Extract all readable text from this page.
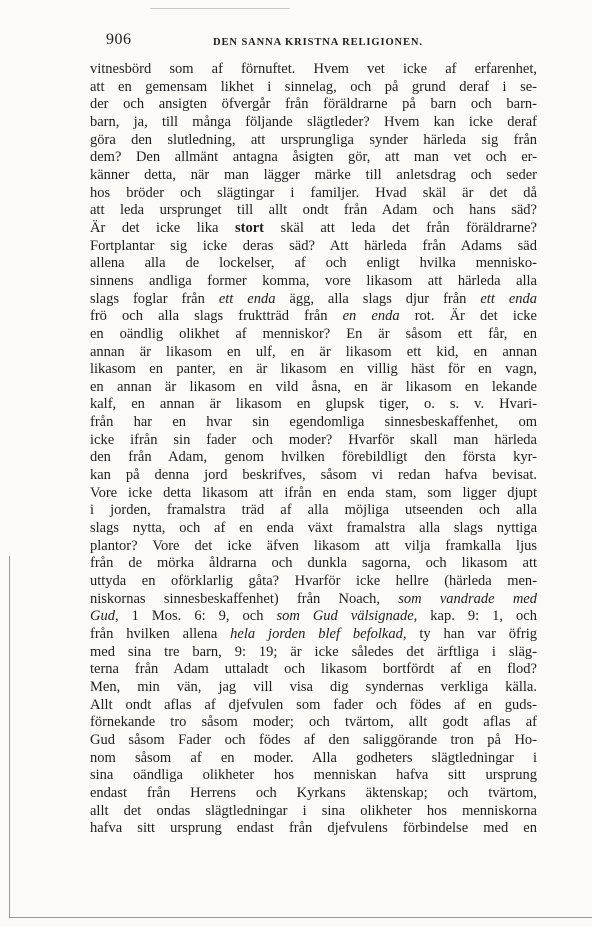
906	DEN SANNA KRISTNA RELIGIONEN.
vitnesbörd som af förnuftet. Hvem vet icke af erfarenhet,
att en gemensam likhet i sinnelag, och på grund deraf i se-
der och ansigten öfvergår från föräldrarne på barn och barn-
barn, ja, till många följande slägtleder? Hvem kan icke deraf
göra den slutledning, att ursprungliga synder härleda sig från
dem? Den allmänt antagna åsigten gör, att man vet och er-
känner detta, när man lägger märke till anletsdrag och seder
hos bröder och slägtingar i familjer. Hvad skäl är det då
att leda ursprunget till allt ondt från Adam och hans säd?
Är det icke lika stort skäl att leda det från föräldrarne?
Fortplantar sig icke deras säd? Att härleda från Adams säd
allena alla de lockelser, af och enligt hvilka mennisko-
sinnens andliga former komma, vore likasom att härleda alla
slags foglar från ett enda ägg, alla slags djur från ett enda
frö och alla slags fruktträd från en enda rot. Är det icke
en oändlig olikhet af menniskor? En är såsom ett får, en
annan är likasom en ulf, en är likasom ett kid, en annan
likasom en panter, en är likasom en villig häst för en vagn,
en annan är likasom en vild åsna, en är likasom en lekande
kalf, en annan är likasom en glupsk tiger, o. s. v. Hvari-
från har en hvar sin egendomliga sinnesbeskaffenhet, om
icke ifrån sin fader och moder? Hvarför skall man härleda
den från Adam, genom hvilken förebildligt den första kyr-
kan på denna jord beskrifves, såsom vi redan hafva bevisat.
Vore icke detta likasom att ifrån en enda stam, som ligger djupt
i jorden, framalstra träd af alla möjliga utseenden och alla
slags nytta, och af en enda växt framalstra alla slags nyttiga
plantor? Vore det icke äfven likasom att vilja framkalla ljus
från de mörka åldrarna och dunkla sagorna, och likasom att
uttyda en oförklarlig gåta? Hvarför icke hellre (härleda men-
niskornas sinnesbeskaffenhet) från Noach, som vandrade med
Gud, 1 Mos. 6: 9, och som Gud välsignade, kap. 9: 1, och
från hvilken allena hela jorden blef befolkad, ty han var öfrig
med sina tre barn, 9: 19; är icke således det ärftliga i släg-
terna från Adam uttaladt och likasom bortfördt af en flod?
Men, min vän, jag vill visa dig syndernas verkliga källa.
Allt ondt aflas af djefvulen som fader och födes af en guds-
förnekande tro såsom moder; och tvärtom, allt godt aflas af
Gud såsom Fader och födes af den saliggörande tron på Ho-
nom såsom af en moder. Alla godheters slägtledningar i
sina oändliga olikheter hos menniskan hafva sitt ursprung
endast från Herrens och Kyrkans äktenskap; och tvärtom,
allt det ondas slägtledningar i sina olikheter hos menniskorna
hafva sitt ursprung endast från djefvulens förbindelse med en
